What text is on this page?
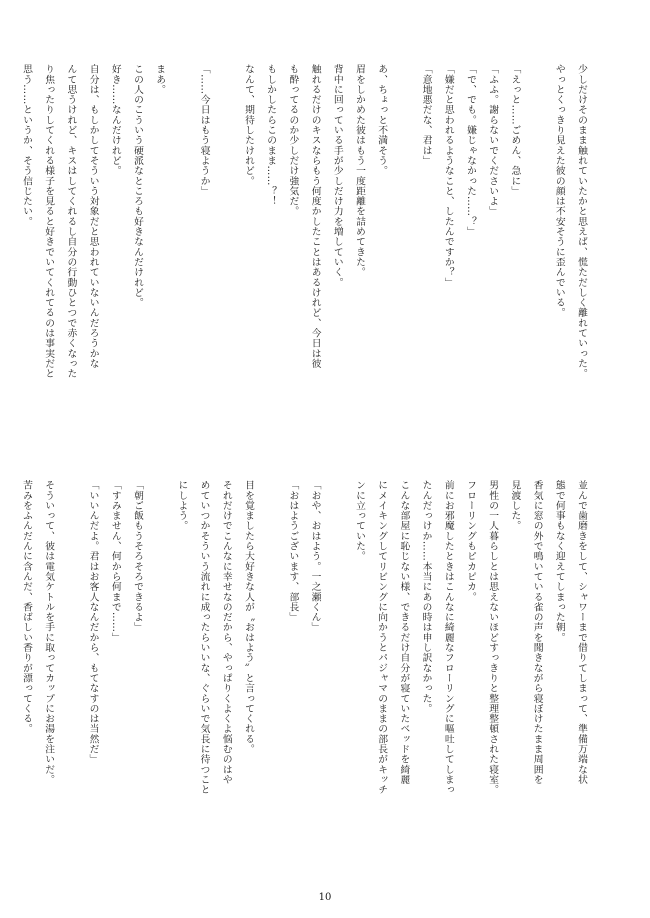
少しだけそのまま触れていたかと思えば、慌ただしく離れていった。
やっとくっきり見えた彼の顔は不安そうに歪んでいる。
「えっと……ごめん、急に」
「ふふ。謝らないでくださいよ」
「で、でも。嫌じゃなかった……？」
「嫌だと思われるようなこと、したんですか？」
「意地悪だな、君は」
あ、ちょっと不満そう。
眉をしかめた彼はもう一度距離を詰めてきた。
背中に回っている手が少しだけ力を増していく。
触れるだけのキスならもう何度かしたことはあるけれど、今日は彼
も酔ってるのか少しだけ強気だ。
もしかしたらこのまま……？！
なんて、期待したけれど。
「……今日はもう寝ようか」
まあ。
この人のこういう硬派なところも好きなんだけれど。
好き……なんだけれど。
自分は、もしかしてそういう対象だと思われていないんだろうかな
んて思うけれど、キスはしてくれるし自分の行動ひとつで赤くなった
り焦ったりしてくれる様子を見ると好きでいてくれてるのは事実だと
思う……というか、そう信じたい。
並んで歯磨きをして、シャワーまで借りてしまって、準備万端な状
態で何事もなく迎えてしまった朝。
香気に窓の外で鳴いている雀の声を聞きながら寝ぼけたまま周囲を
見渡した。
男性の一人暮らしとは思えないほどすっきりと整理整頓された寝室。
フローリングもピカピカ。
前にお邪魔したときはこんなに綺麗なフローリングに嘔吐してしまっ
たんだっけか……本当にあの時は申し訳なかった。
こんな部屋に恥じない様、できるだけ自分が寝ていたベッドを綺麗
にメイキングしてリビングに向かうとパジャマのままの部長がキッチ
ンに立っていた。
「おや、おはよう。一之瀬くん」
「おはようございます、部長」
目を覚ましたら大好きな人が〝おはよう〟と言ってくれる。
それだけでこんなに幸せなのだから、やっぱりくよくよ悩むのはや
めていつかそういう流れに成ったらいいな、ぐらいで気長に待つこと
にしよう。
「朝ご飯もうそろそろできるよ」
「すみません、何から何まで……」
「いいんだよ。君はお客人なんだから、もてなすのは当然だ」
そういって、彼は電気ケトルを手に取ってカップにお湯を注いだ。
苦みをふんだんに含んだ、香ばしい香りが漂ってくる。
10
